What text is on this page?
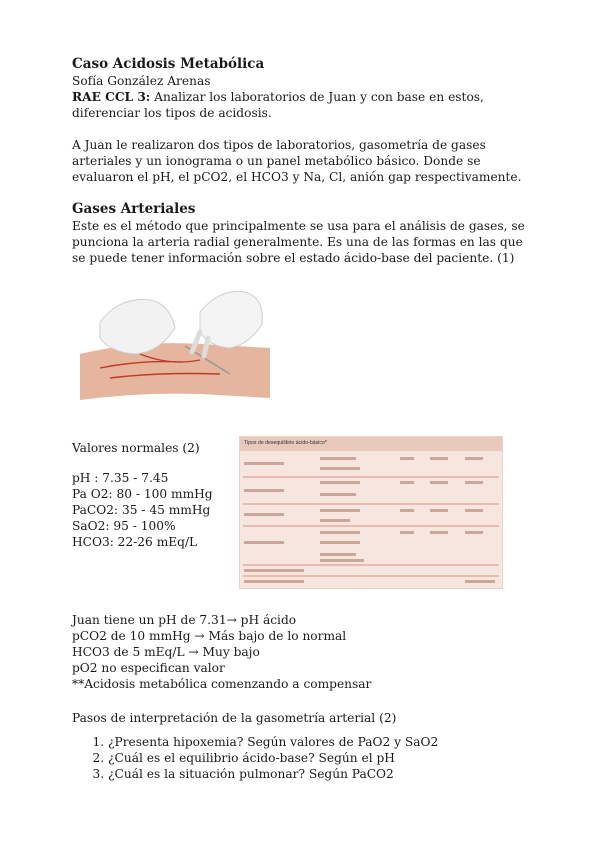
Caso Acidosis Metabólica

Sofía González Arenas

RAE CCL 3: Analizar los laboratorios de Juan y con base en estos, diferenciar los tipos de acidosis.

A Juan le realizaron dos tipos de laboratorios, gasometría de gases arteriales y un ionograma o un panel metabólico básico. Donde se evaluaron el pH, el pCO2, el HCO3 y Na, Cl, anión gap respectivamente.

Gases Arteriales

Este es el método que principalmente se usa para el análisis de gases, se punciona la arteria radial generalmente. Es una de las formas en las que se puede tener información sobre el estado ácido-base del paciente. (1)

Valores normales (2)

pH : 7.35 - 7.45

Pa O2: 80 - 100 mmHg

PaCO2: 35 - 45 mmHg

SaO2: 95 - 100%

HCO3: 22-26 mEq/L

Tipos de desequilibrio ácido-básico*

Juan tiene un pH de 7.31→ pH ácido

pCO2 de 10 mmHg → Más bajo de lo normal

HCO3 de 5 mEq/L → Muy bajo

pO2 no especifican valor

**Acidosis metabólica comenzando a compensar

Pasos de interpretación de la gasometría arterial (2)

1. ¿Presenta hipoxemia? Según valores de PaO2 y SaO2
2. ¿Cuál es el equilibrio ácido-base? Según el pH
3. ¿Cuál es la situación pulmonar? Según PaCO2
